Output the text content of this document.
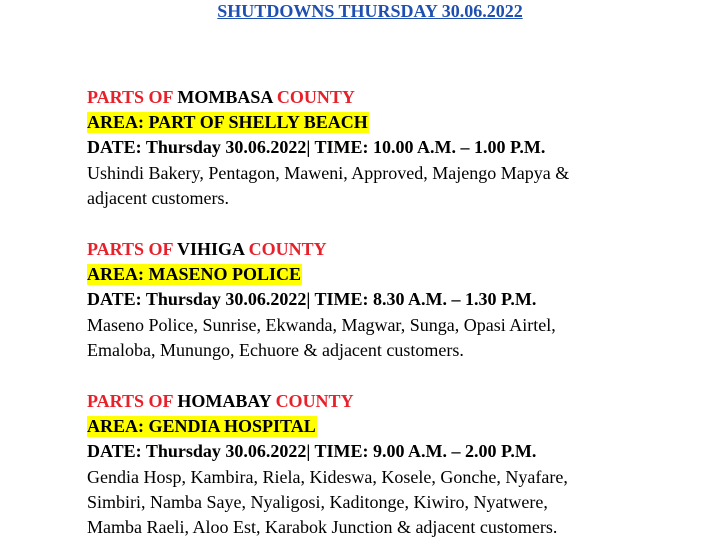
SHUTDOWNS THURSDAY 30.06.2022
PARTS OF MOMBASA COUNTY
AREA: PART OF SHELLY BEACH
DATE: Thursday 30.06.2022| TIME: 10.00 A.M. – 1.00 P.M.
Ushindi Bakery, Pentagon, Maweni, Approved, Majengo Mapya &
adjacent customers.
PARTS OF VIHIGA COUNTY
AREA: MASENO POLICE
DATE: Thursday 30.06.2022| TIME: 8.30 A.M. – 1.30 P.M.
Maseno Police, Sunrise, Ekwanda, Magwar, Sunga, Opasi Airtel,
Emaloba, Munungo, Echuore & adjacent customers.
PARTS OF HOMABAY COUNTY
AREA: GENDIA HOSPITAL
DATE: Thursday 30.06.2022| TIME: 9.00 A.M. – 2.00 P.M.
Gendia Hosp, Kambira, Riela, Kideswa, Kosele, Gonche, Nyafare,
Simbiri, Namba Saye, Nyaligosi, Kaditonge, Kiwiro, Nyatwere,
Mamba Raeli, Aloo Est, Karabok Junction & adjacent customers.
